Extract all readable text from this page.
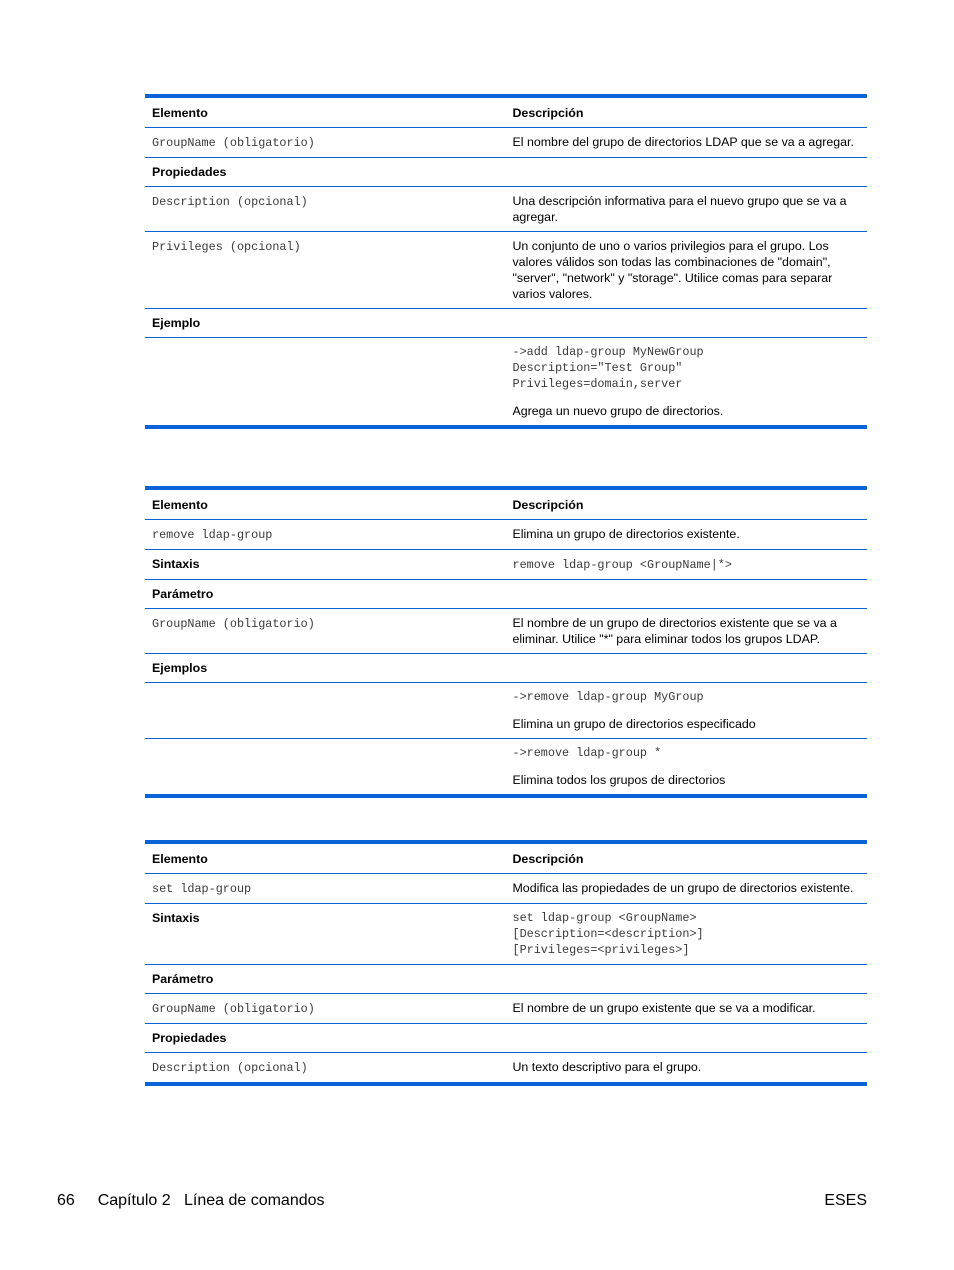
Elemento	Descripción
GroupName (obligatorio)	El nombre del grupo de directorios LDAP que se va a agregar.
Propiedades	
Description (opcional)	Una descripción informativa para el nuevo grupo que se va a agregar.
Privileges (opcional)	Un conjunto de uno o varios privilegios para el grupo. Los valores válidos son todas las combinaciones de "domain", "server", "network" y "storage". Utilice comas para separar varios valores.
Ejemplo	

	->add ldap-group MyNewGroup
Description="Test Group"
Privileges=domain,server
Agrega un nuevo grupo de directorios.
Elemento	Descripción
remove ldap-group	Elimina un grupo de directorios existente.
Sintaxis	remove ldap-group <GroupName|*>
Parámetro	
GroupName (obligatorio)	El nombre de un grupo de directorios existente que se va a eliminar. Utilice "*" para eliminar todos los grupos LDAP.
Ejemplos	

	->remove ldap-group MyGroup
Elimina un grupo de directorios especificado

	->remove ldap-group *
Elimina todos los grupos de directorios
Elemento	Descripción
set ldap-group	Modifica las propiedades de un grupo de directorios existente.
Sintaxis	set ldap-group <GroupName>
[Description=<description>]
[Privileges=<privileges>]

Parámetro	
GroupName (obligatorio)	El nombre de un grupo existente que se va a modificar.
Propiedades	
Description (opcional)	Un texto descriptivo para el grupo.
66 Capítulo 2   Línea de comandos	ESES
